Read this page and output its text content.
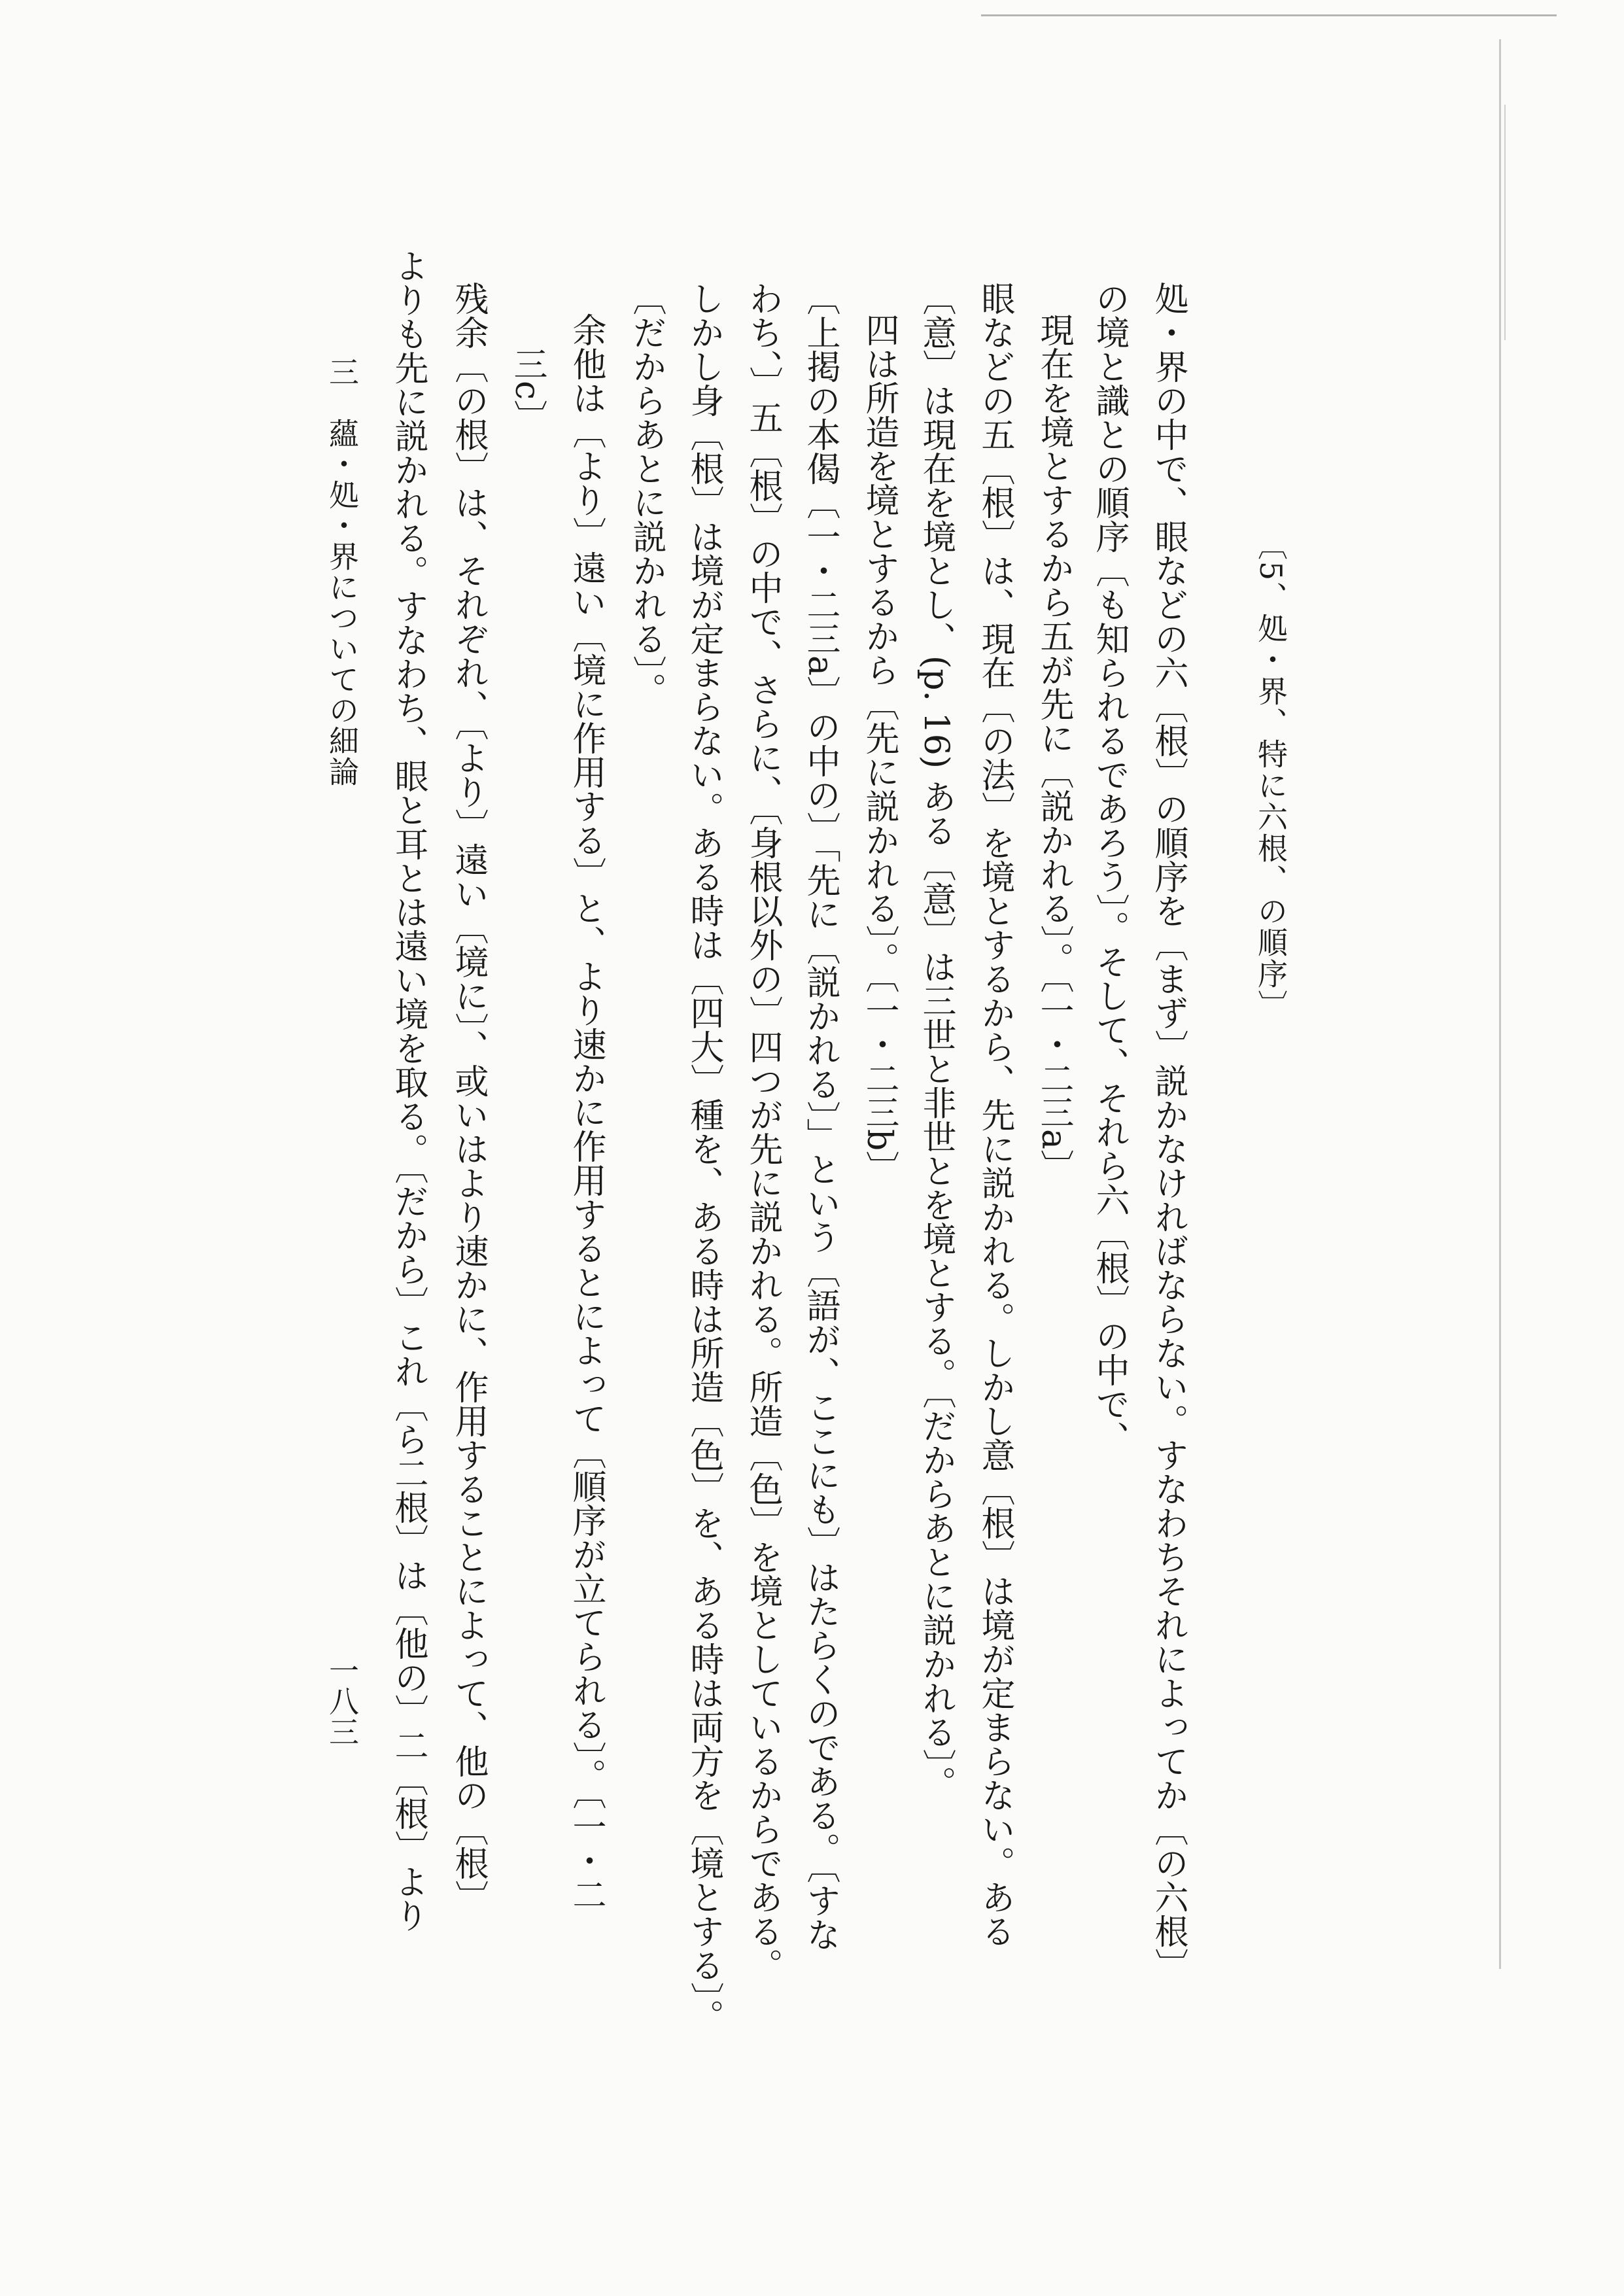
〔5、処・界、特に六根、の順序〕
処・界の中で、眼などの六〔根〕の順序を〔まず〕説かなければならない。すなわちそれによってか〔の六根〕
の境と識との順序〔も知られるであろう〕。そして、それら六〔根〕の中で、
現在を境とするから五が先に〔説かれる〕。〔一・二三a〕
眼などの五〔根〕は、現在〔の法〕を境とするから、先に説かれる。しかし意〔根〕は境が定まらない。ある
〔意〕は現在を境とし、(p. 16) ある〔意〕は三世と非世とを境とする。〔だからあとに説かれる〕。
四は所造を境とするから〔先に説かれる〕。〔一・二三b〕
〔上掲の本偈〔一・二三a〕の中の〕「先に〔説かれる〕」という〔語が、ここにも〕はたらくのである。〔すな
わち、〕五〔根〕の中で、さらに、〔身根以外の〕四つが先に説かれる。所造〔色〕を境としているからである。
しかし身〔根〕は境が定まらない。ある時は〔四大〕種を、ある時は所造〔色〕を、ある時は両方を〔境とする〕。
〔だからあとに説かれる〕。
余他は〔より〕遠い〔境に作用する〕と、より速かに作用するとによって〔順序が立てられる〕。〔一・二
三c〕
残余〔の根〕は、それぞれ、〔より〕遠い〔境に〕、或いはより速かに、作用することによって、他の〔根〕
よりも先に説かれる。すなわち、眼と耳とは遠い境を取る。〔だから〕これ〔ら二根〕は〔他の〕二〔根〕より
三　蘊・処・界についての細論
一八三
